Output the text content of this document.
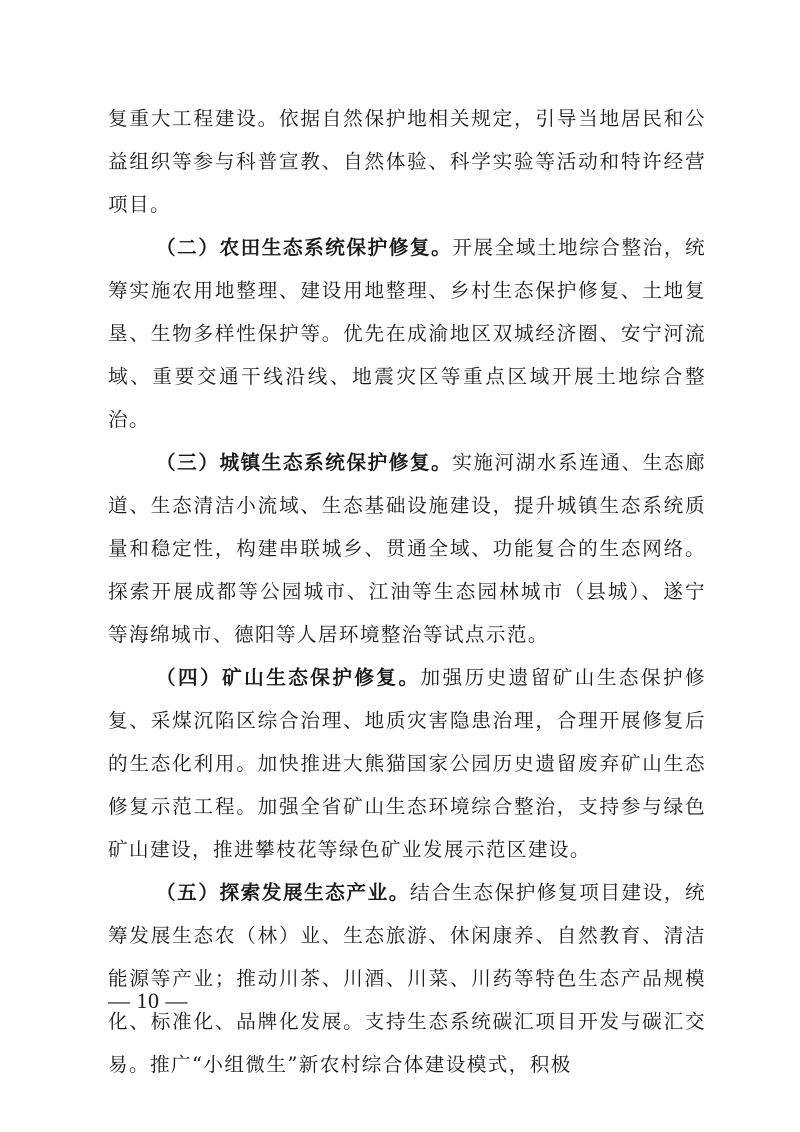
复重大工程建设。依据自然保护地相关规定，引导当地居民和公益组织等参与科普宣教、自然体验、科学实验等活动和特许经营项目。

（二）农田生态系统保护修复。开展全域土地综合整治，统筹实施农用地整理、建设用地整理、乡村生态保护修复、土地复垦、生物多样性保护等。优先在成渝地区双城经济圈、安宁河流域、重要交通干线沿线、地震灾区等重点区域开展土地综合整治。

（三）城镇生态系统保护修复。实施河湖水系连通、生态廊道、生态清洁小流域、生态基础设施建设，提升城镇生态系统质量和稳定性，构建串联城乡、贯通全域、功能复合的生态网络。探索开展成都等公园城市、江油等生态园林城市（县城）、遂宁等海绵城市、德阳等人居环境整治等试点示范。

（四）矿山生态保护修复。加强历史遗留矿山生态保护修复、采煤沉陷区综合治理、地质灾害隐患治理，合理开展修复后的生态化利用。加快推进大熊猫国家公园历史遗留废弃矿山生态修复示范工程。加强全省矿山生态环境综合整治，支持参与绿色矿山建设，推进攀枝花等绿色矿业发展示范区建设。

（五）探索发展生态产业。结合生态保护修复项目建设，统筹发展生态农（林）业、生态旅游、休闲康养、自然教育、清洁能源等产业；推动川茶、川酒、川菜、川药等特色生态产品规模化、标准化、品牌化发展。支持生态系统碳汇项目开发与碳汇交易。推广“小组微生”新农村综合体建设模式，积极

— 10 —
